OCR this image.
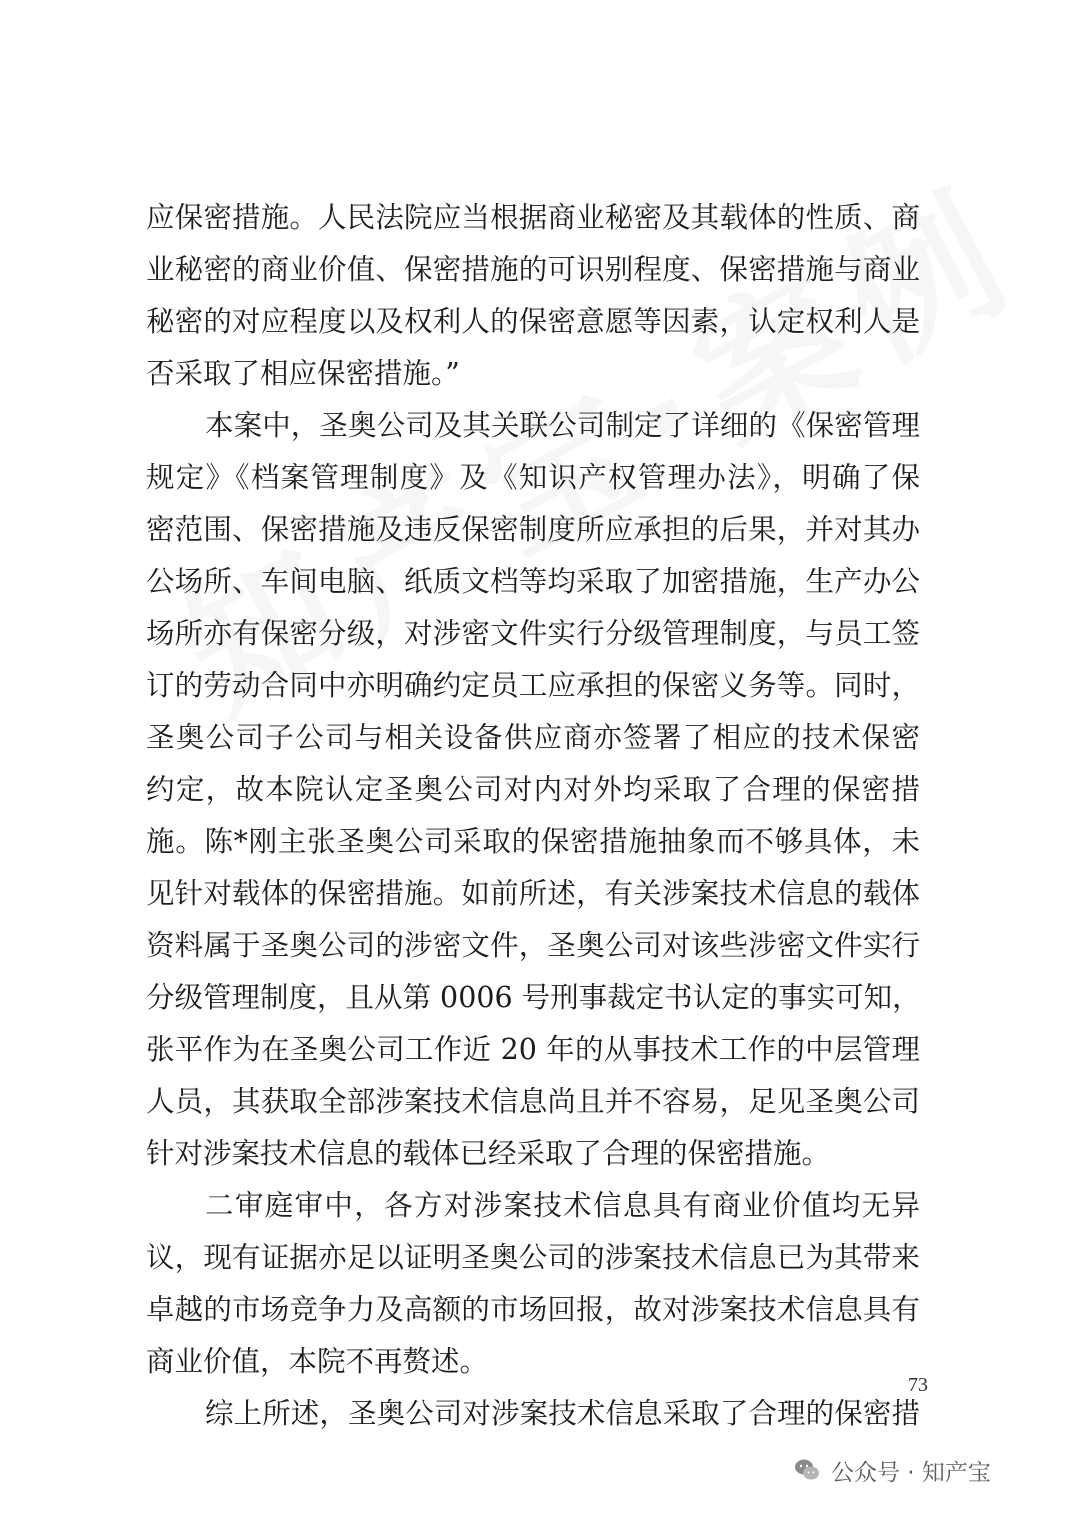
应保密措施。人民法院应当根据商业秘密及其载体的性质、商
业秘密的商业价值、保密措施的可识别程度、保密措施与商业
秘密的对应程度以及权利人的保密意愿等因素，认定权利人是
否采取了相应保密措施。”
本案中，圣奥公司及其关联公司制定了详细的《保密管理
规定》《档案管理制度》及《知识产权管理办法》，明确了保
密范围、保密措施及违反保密制度所应承担的后果，并对其办
公场所、车间电脑、纸质文档等均采取了加密措施，生产办公
场所亦有保密分级，对涉密文件实行分级管理制度，与员工签
订的劳动合同中亦明确约定员工应承担的保密义务等。同时，
圣奥公司子公司与相关设备供应商亦签署了相应的技术保密
约定，故本院认定圣奥公司对内对外均采取了合理的保密措
施。陈*刚主张圣奥公司采取的保密措施抽象而不够具体，未
见针对载体的保密措施。如前所述，有关涉案技术信息的载体
资料属于圣奥公司的涉密文件，圣奥公司对该些涉密文件实行
分级管理制度，且从第 0006 号刑事裁定书认定的事实可知，
张平作为在圣奥公司工作近 20 年的从事技术工作的中层管理
人员，其获取全部涉案技术信息尚且并不容易，足见圣奥公司
针对涉案技术信息的载体已经采取了合理的保密措施。
二审庭审中，各方对涉案技术信息具有商业价值均无异
议，现有证据亦足以证明圣奥公司的涉案技术信息已为其带来
卓越的市场竞争力及高额的市场回报，故对涉案技术信息具有
商业价值，本院不再赘述。
综上所述，圣奥公司对涉案技术信息采取了合理的保密措
73
公众号 · 知产宝
